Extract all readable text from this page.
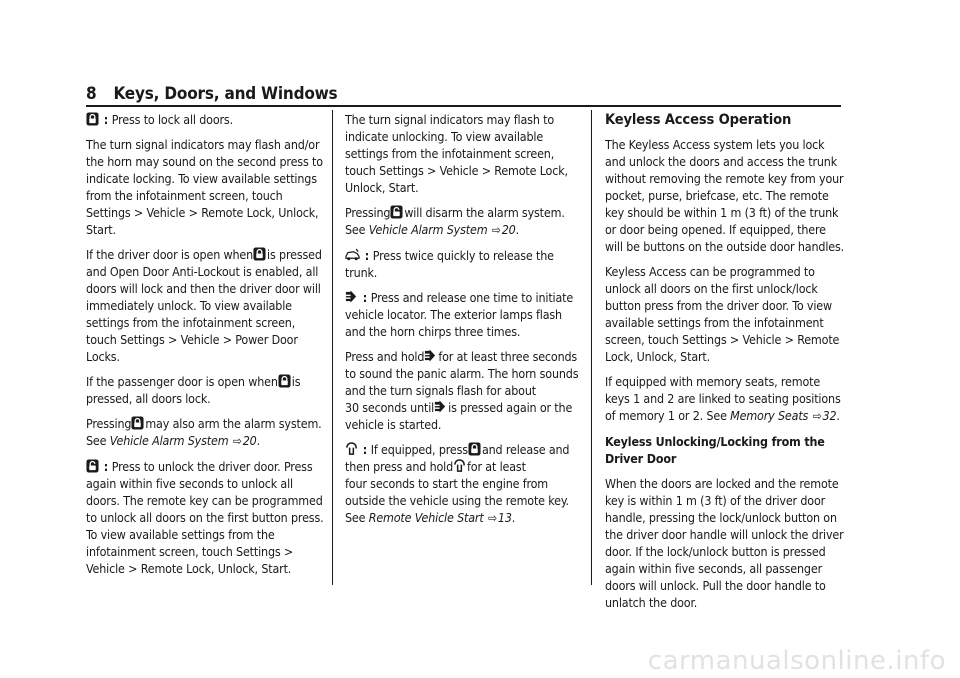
8 Keys, Doors, and Windows

: Press to lock all doors.

The turn signal indicators may flash and/or the horn may sound on the second press to indicate locking. To view available settings from the infotainment screen, touch Settings > Vehicle > Remote Lock, Unlock, Start.

If the driver door is open when is pressed and Open Door Anti-Lockout is enabled, all doors will lock and then the driver door will immediately unlock. To view available settings from the infotainment screen, touch Settings > Vehicle > Power Door Locks.

If the passenger door is open when is pressed, all doors lock.

Pressing may also arm the alarm system.
See Vehicle Alarm System ⇨20.

: Press to unlock the driver door. Press again within five seconds to unlock all doors. The remote key can be programmed to unlock all doors on the first button press. To view available settings from the infotainment screen, touch Settings > Vehicle > Remote Lock, Unlock, Start.

The turn signal indicators may flash to indicate unlocking. To view available settings from the infotainment screen, touch Settings > Vehicle > Remote Lock, Unlock, Start.

Pressing will disarm the alarm system.
See Vehicle Alarm System ⇨20.

: Press twice quickly to release the trunk.

: Press and release one time to initiate vehicle locator. The exterior lamps flash and the horn chirps three times.

Press and hold for at least three seconds to sound the panic alarm. The horn sounds and the turn signals flash for about
30 seconds until is pressed again or the vehicle is started.

: If equipped, press and release and
then press and hold for at least
four seconds to start the engine from outside the vehicle using the remote key.
See Remote Vehicle Start ⇨13.

Keyless Access Operation

The Keyless Access system lets you lock and unlock the doors and access the trunk without removing the remote key from your pocket, purse, briefcase, etc. The remote key should be within 1 m (3 ft) of the trunk or door being opened. If equipped, there will be buttons on the outside door handles.

Keyless Access can be programmed to unlock all doors on the first unlock/lock button press from the driver door. To view available settings from the infotainment screen, touch Settings > Vehicle > Remote Lock, Unlock, Start.

If equipped with memory seats, remote keys 1 and 2 are linked to seating positions of memory 1 or 2. See Memory Seats ⇨32.

Keyless Unlocking/Locking from the
Driver Door

When the doors are locked and the remote key is within 1 m (3 ft) of the driver door handle, pressing the lock/unlock button on the driver door handle will unlock the driver door. If the lock/unlock button is pressed again within five seconds, all passenger doors will unlock. Pull the door handle to unlatch the door.

carmanualsonline.info
